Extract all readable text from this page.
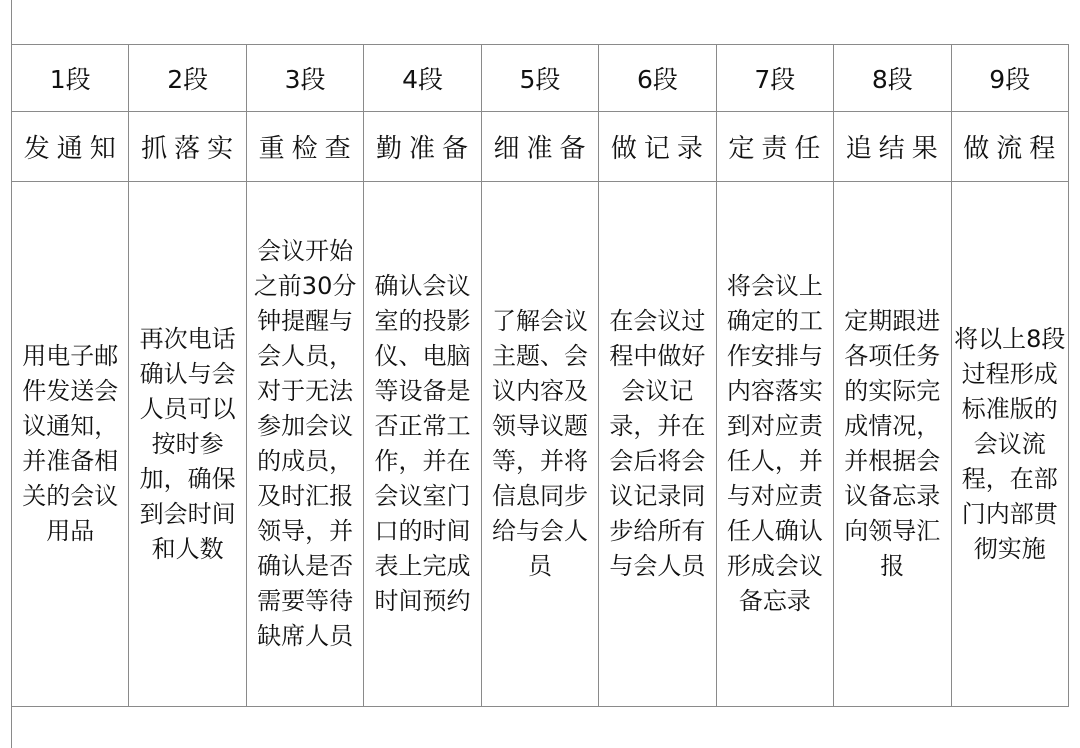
1段	2段	3段	4段	5段	6段	7段	8段	9段

发通知	抓落实	重检查	勤准备	细准备	做记录	定责任	追结果	做流程

用电子邮件发送会议通知，并准备相关的会议用品	再次电话确认与会人员可以按时参加，确保到会时间和人数	会议开始之前30分钟提醒与会人员，对于无法参加会议的成员，及时汇报领导，并确认是否需要等待缺席人员	确认会议室的投影仪、电脑等设备是否正常工作，并在会议室门口的时间表上完成时间预约	了解会议主题、会议内容及领导议题等，并将信息同步给与会人员	在会议过程中做好会议记录，并在会后将会议记录同步给所有与会人员	将会议上确定的工作安排与内容落实到对应责任人，并与对应责任人确认形成会议备忘录	定期跟进各项任务的实际完成情况，并根据会议备忘录向领导汇报	将以上8段过程形成标准版的会议流程，在部门内部贯彻实施
